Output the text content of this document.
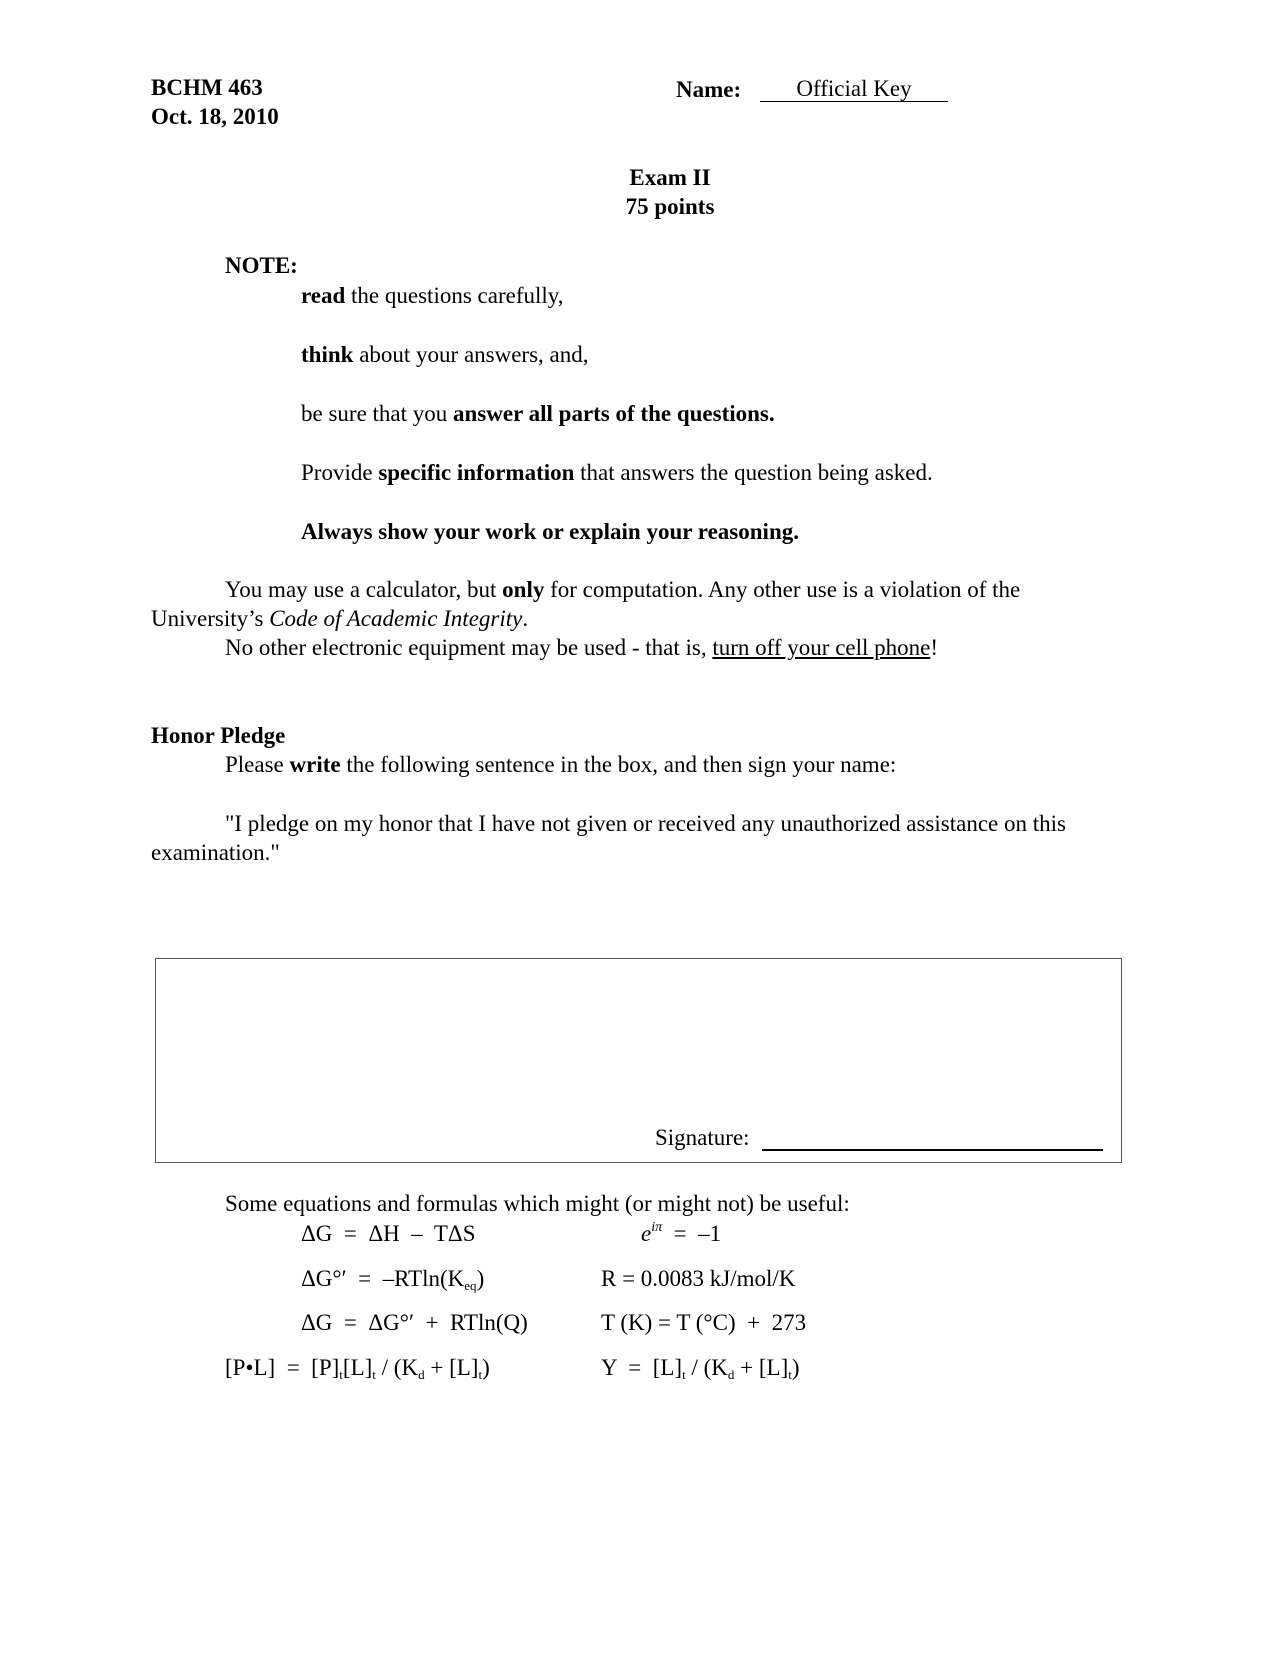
BCHM 463
Oct. 18, 2010
Name:	Official Key
Exam II
75 points
NOTE:
read the questions carefully,
think about your answers, and,
be sure that you answer all parts of the questions.
Provide specific information that answers the question being asked.
Always show your work or explain your reasoning.
You may use a calculator, but only for computation. Any other use is a violation of the University’s Code of Academic Integrity.
No other electronic equipment may be used - that is, turn off your cell phone!
Honor Pledge
Please write the following sentence in the box, and then sign your name:
"I pledge on my honor that I have not given or received any unauthorized assistance on this examination."
Signature:
Some equations and formulas which might (or might not) be useful:
ΔG  =  ΔH  –  TΔS	$e^{i\pi} = -1$
$\Delta G^\circ' = -RTln(K_{eq})$	R = 0.0083 kJ/mol/K
ΔG  =  ΔG°′  +  RTln(Q)	T (K) = T (°C)  +  273
[P•L]  =  $[P]_t[L]_t / (K_d + [L]_t)$	$Y = [L]_t / (K_d + [L]_t)$
